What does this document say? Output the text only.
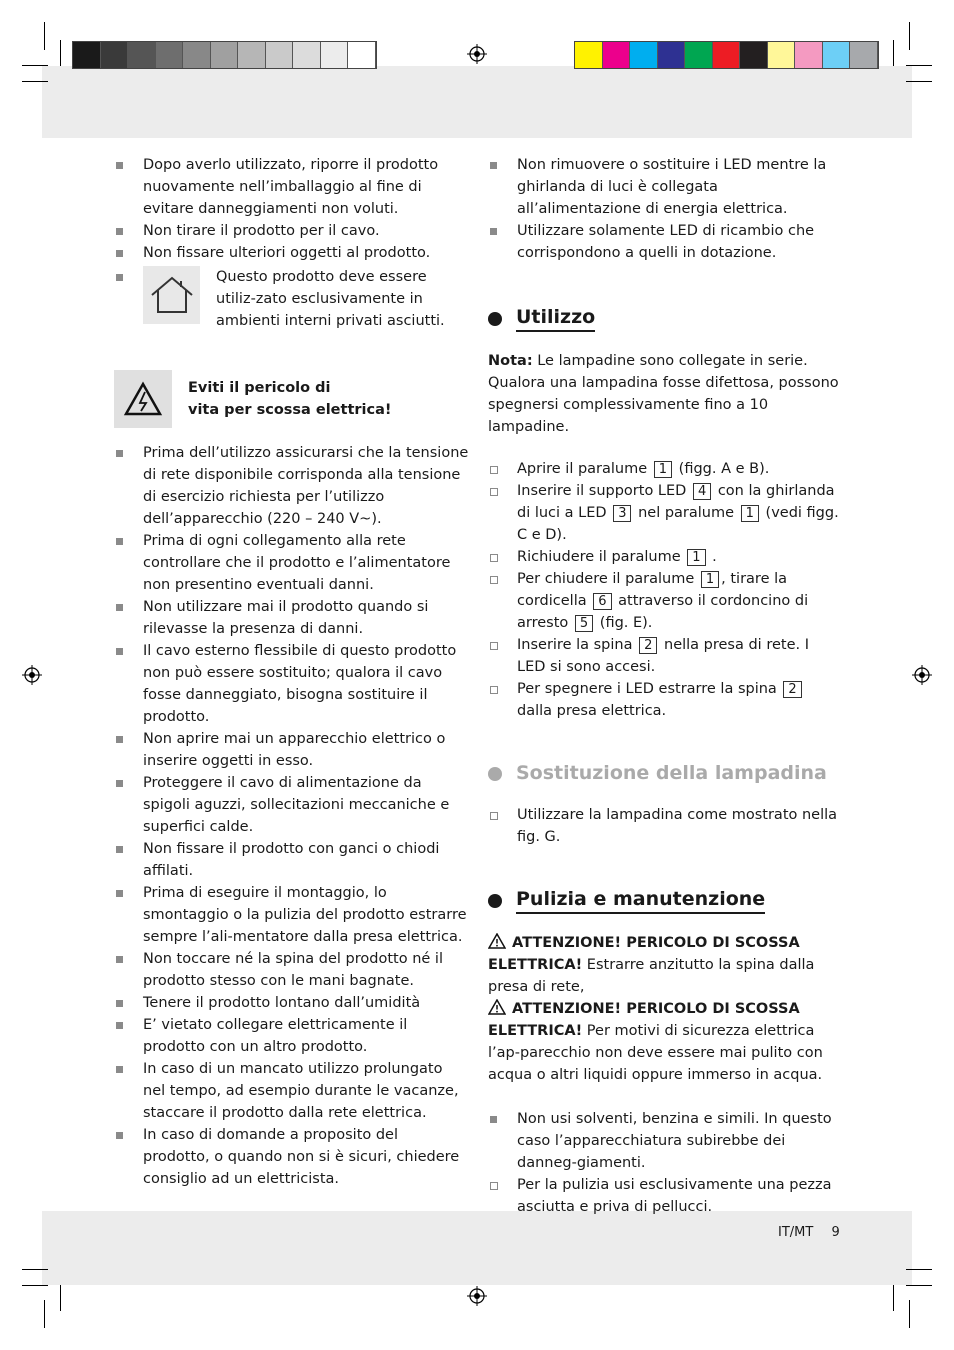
Dopo averlo utilizzato, riporre il prodotto nuovamente nell’imballaggio al fine di evitare danneggiamenti non voluti.
Non tirare il prodotto per il cavo.
Non fissare ulteriori oggetti al prodotto.
Questo prodotto deve essere utiliz-zato esclusivamente in ambienti interni privati asciutti.
Eviti il pericolo di
vita per scossa elettrica!
Prima dell’utilizzo assicurarsi che la tensione di rete disponibile corrisponda alla tensione di esercizio richiesta per l’utilizzo dell’apparecchio (220 – 240 V~).
Prima di ogni collegamento alla rete controllare che il prodotto e l’alimentatore non presentino eventuali danni.
Non utilizzare mai il prodotto quando si rilevasse la presenza di danni.
Il cavo esterno flessibile di questo prodotto non può essere sostituito; qualora il cavo fosse danneggiato, bisogna sostituire il prodotto.
Non aprire mai un apparecchio elettrico o inserire oggetti in esso.
Proteggere il cavo di alimentazione da spigoli aguzzi, sollecitazioni meccaniche e superfici calde.
Non fissare il prodotto con ganci o chiodi affilati.
Prima di eseguire il montaggio, lo smontaggio o la pulizia del prodotto estrarre sempre l’ali-mentatore dalla presa elettrica.
Non toccare né la spina del prodotto né il prodotto stesso con le mani bagnate.
Tenere il prodotto lontano dall’umidità
E’ vietato collegare elettricamente il prodotto con un altro prodotto.
In caso di un mancato utilizzo prolungato nel tempo, ad esempio durante le vacanze, staccare il prodotto dalla rete elettrica.
In caso di domande a proposito del prodotto, o quando non si è sicuri, chiedere consiglio ad un elettricista.
Non rimuovere o sostituire i LED mentre la ghirlanda di luci è collegata all’alimentazione di energia elettrica.
Utilizzare solamente LED di ricambio che corrispondono a quelli in dotazione.
Utilizzo
Nota: Le lampadine sono collegate in serie. Qualora una lampadina fosse difettosa, possono spegnersi complessivamente fino a 10 lampadine.
Aprire il paralume 1 (figg. A e B).
Inserire il supporto LED 4 con la ghirlanda di luci a LED 3 nel paralume 1 (vedi figg. C e D).
Richiudere il paralume 1 .
Per chiudere il paralume 1 , tirare la cordicella 6 attraverso il cordoncino di arresto 5 (fig. E).
Inserire la spina 2 nella presa di rete. I LED si sono accesi.
Per spegnere i LED estrarre la spina 2 dalla presa elettrica.
Sostituzione della lampadina
Utilizzare la lampadina come mostrato nella fig. G.
Pulizia e manutenzione
ATTENZIONE! PERICOLO DI SCOSSA ELETTRICA! Estrarre anzitutto la spina dalla presa di rete,
ATTENZIONE! PERICOLO DI SCOSSA ELETTRICA! Per motivi di sicurezza elettrica l’ap-parecchio non deve essere mai pulito con acqua o altri liquidi oppure immerso in acqua.
Non usi solventi, benzina e simili. In questo caso l’apparecchiatura subirebbe dei danneg-giamenti.
Per la pulizia usi esclusivamente una pezza asciutta e priva di pellucci.
IT/MT 9
